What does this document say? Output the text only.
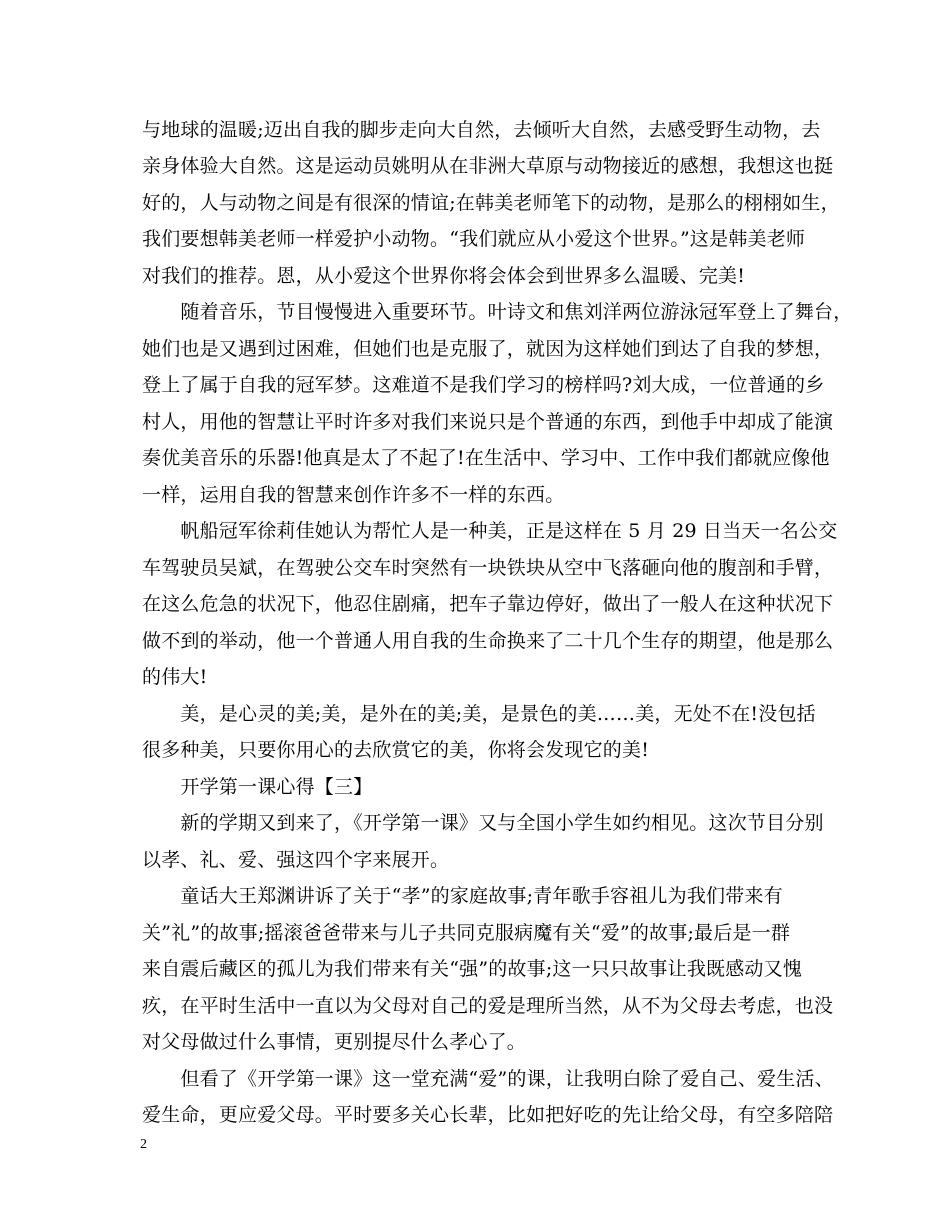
与地球的温暖;迈出自我的脚步走向大自然，去倾听大自然，去感受野生动物，去
亲身体验大自然。这是运动员姚明从在非洲大草原与动物接近的感想，我想这也挺
好的，人与动物之间是有很深的情谊;在韩美老师笔下的动物，是那么的栩栩如生，
我们要想韩美老师一样爱护小动物。“我们就应从小爱这个世界。”这是韩美老师
对我们的推荐。恩，从小爱这个世界你将会体会到世界多么温暖、完美!
　　随着音乐，节目慢慢进入重要环节。叶诗文和焦刘洋两位游泳冠军登上了舞台，
她们也是又遇到过困难，但她们也是克服了，就因为这样她们到达了自我的梦想，
登上了属于自我的冠军梦。这难道不是我们学习的榜样吗?刘大成，一位普通的乡
村人，用他的智慧让平时许多对我们来说只是个普通的东西，到他手中却成了能演
奏优美音乐的乐器!他真是太了不起了!在生活中、学习中、工作中我们都就应像他
一样，运用自我的智慧来创作许多不一样的东西。
　　帆船冠军徐莉佳她认为帮忙人是一种美，正是这样在 5 月 29 日当天一名公交
车驾驶员吴斌，在驾驶公交车时突然有一块铁块从空中飞落砸向他的腹剖和手臂，
在这么危急的状况下，他忍住剧痛，把车子靠边停好，做出了一般人在这种状况下
做不到的举动，他一个普通人用自我的生命换来了二十几个生存的期望，他是那么
的伟大!
　　美，是心灵的美;美，是外在的美;美，是景色的美……美，无处不在!没包括
很多种美，只要你用心的去欣赏它的美，你将会发现它的美!
　　开学第一课心得【三】
　　新的学期又到来了，《开学第一课》又与全国小学生如约相见。这次节目分别
以孝、礼、爱、强这四个字来展开。
　　童话大王郑渊讲诉了关于“孝”的家庭故事;青年歌手容祖儿为我们带来有
关”礼”的故事;摇滚爸爸带来与儿子共同克服病魔有关“爱”的故事;最后是一群
来自震后藏区的孤儿为我们带来有关“强”的故事;这一只只故事让我既感动又愧
疚，在平时生活中一直以为父母对自己的爱是理所当然，从不为父母去考虑，也没
对父母做过什么事情，更别提尽什么孝心了。
　　但看了《开学第一课》这一堂充满“爱”的课，让我明白除了爱自己、爱生活、
爱生命，更应爱父母。平时要多关心长辈，比如把好吃的先让给父母，有空多陪陪
2
